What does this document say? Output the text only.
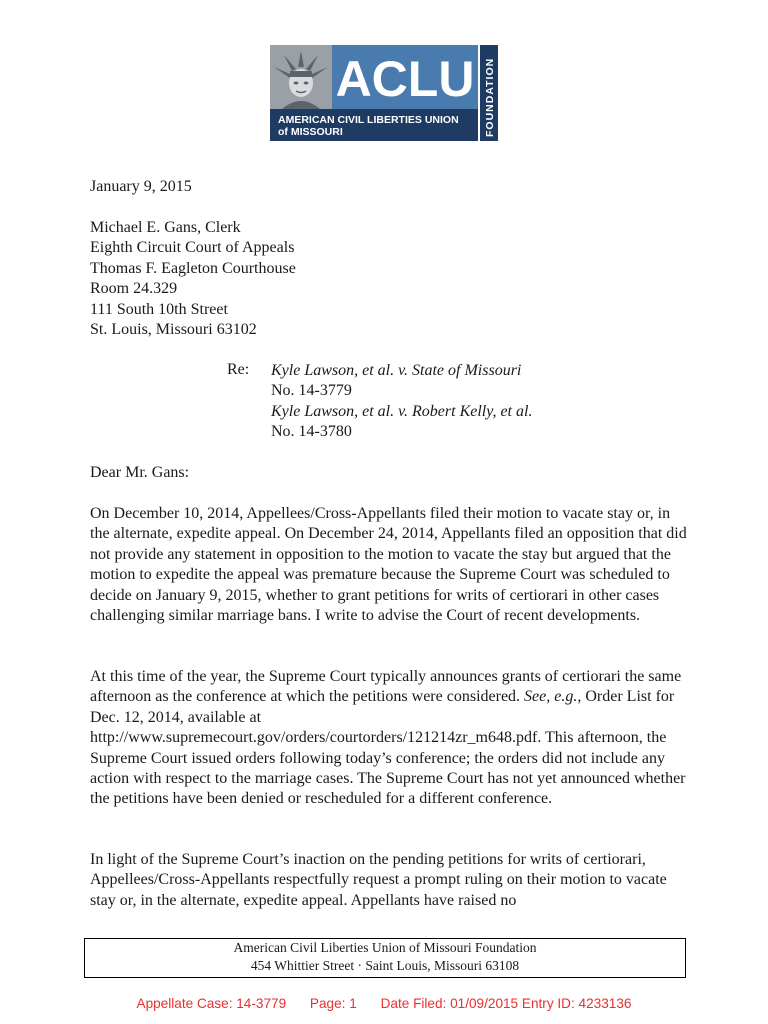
ACLU
AMERICAN CIVIL LIBERTIES UNION
of MISSOURI	FOUNDATION
January 9, 2015
Michael E. Gans, Clerk
Eighth Circuit Court of Appeals
Thomas F. Eagleton Courthouse
Room 24.329
111 South 10th Street
St. Louis, Missouri 63102
Re: Kyle Lawson, et al. v. State of Missouri
No. 14-3779
Kyle Lawson, et al. v. Robert Kelly, et al.
No. 14-3780
Dear Mr. Gans:
On December 10, 2014, Appellees/Cross-Appellants filed their motion to vacate stay or, in the alternate, expedite appeal. On December 24, 2014, Appellants filed an opposition that did not provide any statement in opposition to the motion to vacate the stay but argued that the motion to expedite the appeal was premature because the Supreme Court was scheduled to decide on January 9, 2015, whether to grant petitions for writs of certiorari in other cases challenging similar marriage bans. I write to advise the Court of recent developments.
At this time of the year, the Supreme Court typically announces grants of certiorari the same afternoon as the conference at which the petitions were considered. See, e.g., Order List for Dec. 12, 2014, available at http://www.supremecourt.gov/orders/courtorders/121214zr_m648.pdf. This afternoon, the Supreme Court issued orders following today’s conference; the orders did not include any action with respect to the marriage cases. The Supreme Court has not yet announced whether the petitions have been denied or rescheduled for a different conference.
In light of the Supreme Court’s inaction on the pending petitions for writs of certiorari, Appellees/Cross-Appellants respectfully request a prompt ruling on their motion to vacate stay or, in the alternate, expedite appeal. Appellants have raised no
American Civil Liberties Union of Missouri Foundation
454 Whittier Street · Saint Louis, Missouri 63108
Appellate Case: 14-3779 Page: 1 Date Filed: 01/09/2015 Entry ID: 4233136
